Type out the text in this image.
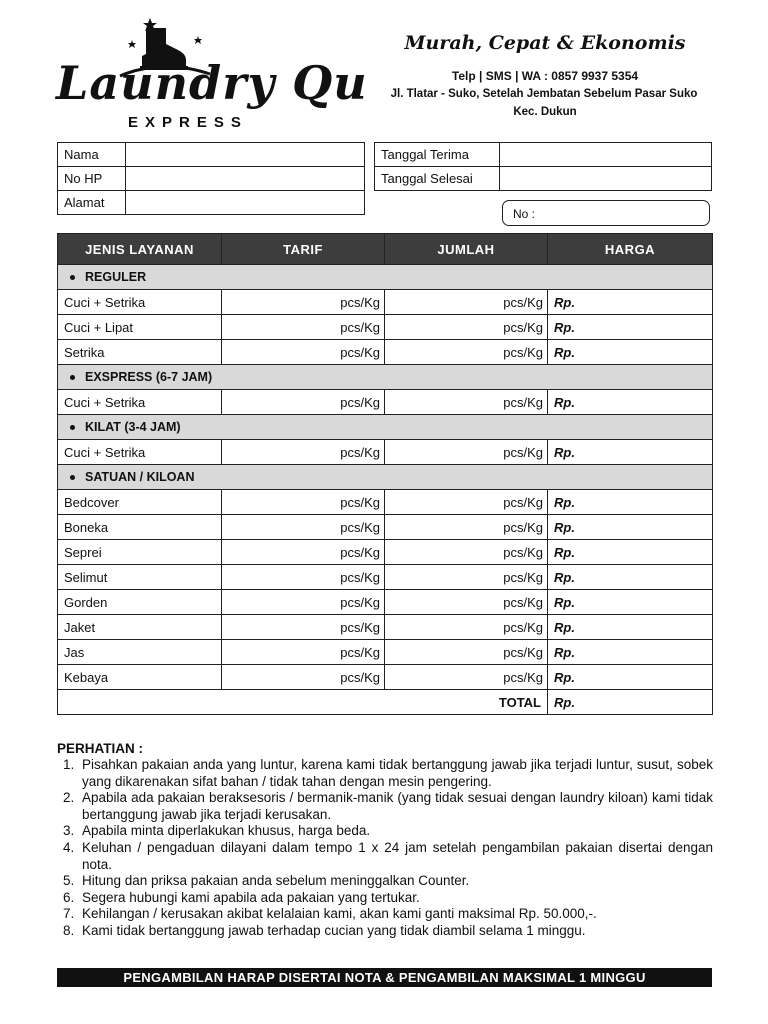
Laundry Qu
EXPRESS
Murah, Cepat & Ekonomis
Telp | SMS | WA : 0857 9937 5354
Jl. Tlatar - Suko, Setelah Jembatan Sebelum Pasar Suko
Kec. Dukun
Nama	
No HP	
Alamat	
Tanggal Terima	
Tanggal Selesai	
No :
JENIS LAYANAN	TARIF	JUMLAH	HARGA
REGULER			
Cuci + Setrika	pcs/Kg	pcs/Kg	Rp.
Cuci + Lipat	pcs/Kg	pcs/Kg	Rp.
Setrika	pcs/Kg	pcs/Kg	Rp.
EXSPRESS (6-7 JAM)			
Cuci + Setrika	pcs/Kg	pcs/Kg	Rp.
KILAT (3-4 JAM)			
Cuci + Setrika	pcs/Kg	pcs/Kg	Rp.
SATUAN / KILOAN			
Bedcover	pcs/Kg	pcs/Kg	Rp.
Boneka	pcs/Kg	pcs/Kg	Rp.
Seprei	pcs/Kg	pcs/Kg	Rp.
Selimut	pcs/Kg	pcs/Kg	Rp.
Gorden	pcs/Kg	pcs/Kg	Rp.
Jaket	pcs/Kg	pcs/Kg	Rp.
Jas	pcs/Kg	pcs/Kg	Rp.
Kebaya	pcs/Kg	pcs/Kg	Rp.
TOTAL			Rp.
PERHATIAN :
1. Pisahkan pakaian anda yang luntur, karena kami tidak bertanggung jawab jika terjadi luntur, susut, sobek yang dikarenakan sifat bahan / tidak tahan dengan mesin pengering.
2. Apabila ada pakaian beraksesoris / bermanik-manik (yang tidak sesuai dengan laundry kiloan) kami tidak bertanggung jawab jika terjadi kerusakan.
3. Apabila minta diperlakukan khusus, harga beda.
4. Keluhan / pengaduan dilayani dalam tempo 1 x 24 jam setelah pengambilan pakaian disertai dengan nota.
5. Hitung dan priksa pakaian anda sebelum meninggalkan Counter.
6. Segera hubungi kami apabila ada pakaian yang tertukar.
7. Kehilangan / kerusakan akibat kelalaian kami, akan kami ganti maksimal Rp. 50.000,-.
8. Kami tidak bertanggung jawab terhadap cucian yang tidak diambil selama 1 minggu.
PENGAMBILAN HARAP DISERTAI NOTA & PENGAMBILAN MAKSIMAL 1 MINGGU
